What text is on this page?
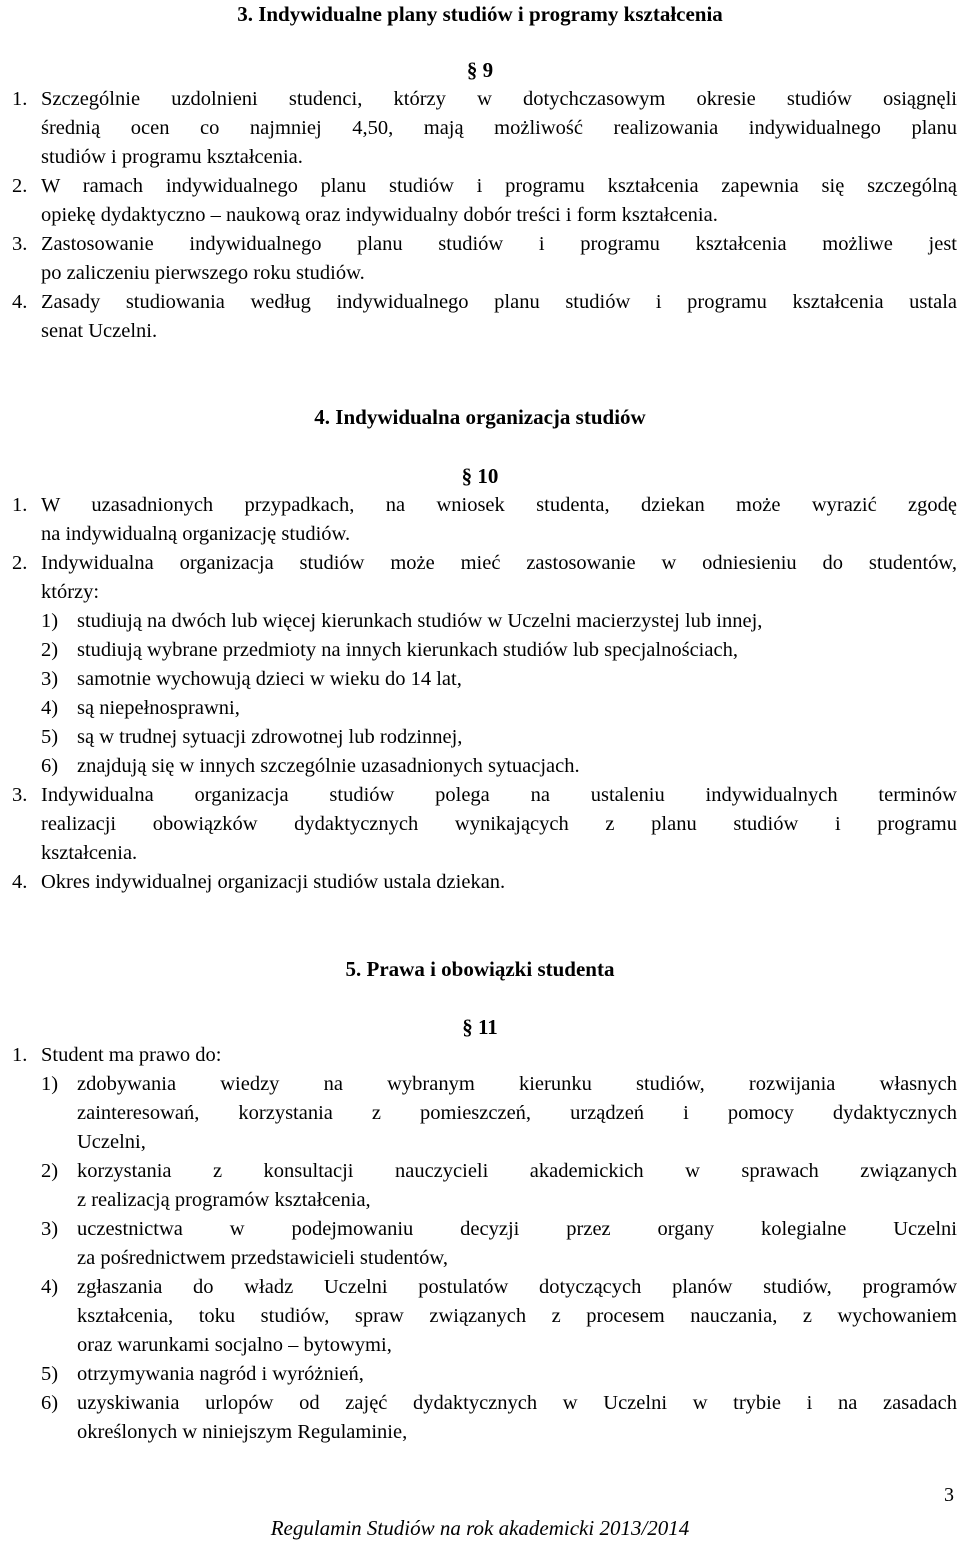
3. Indywidualne plany studiów i programy kształcenia
§ 9
1. Szczególnie uzdolnieni studenci, którzy w dotychczasowym okresie studiów osiągnęli
średnią ocen co najmniej 4,50, mają możliwość realizowania indywidualnego planu
studiów i programu kształcenia.
2. W ramach indywidualnego planu studiów i programu kształcenia zapewnia się szczególną
opiekę dydaktyczno – naukową oraz indywidualny dobór treści i form kształcenia.
3. Zastosowanie indywidualnego planu studiów i programu kształcenia możliwe jest
po zaliczeniu pierwszego roku studiów.
4. Zasady studiowania według indywidualnego planu studiów i programu kształcenia ustala
senat Uczelni.
4. Indywidualna organizacja studiów
§ 10
1. W uzasadnionych przypadkach, na wniosek studenta, dziekan może wyrazić zgodę
na indywidualną organizację studiów.
2. Indywidualna organizacja studiów może mieć zastosowanie w odniesieniu do studentów,
którzy:
1) studiują na dwóch lub więcej kierunkach studiów w Uczelni macierzystej lub innej,
2) studiują wybrane przedmioty na innych kierunkach studiów lub specjalnościach,
3) samotnie wychowują dzieci w wieku do 14 lat,
4) są niepełnosprawni,
5) są w trudnej sytuacji zdrowotnej lub rodzinnej,
6) znajdują się w innych szczególnie uzasadnionych sytuacjach.
3. Indywidualna organizacja studiów polega na ustaleniu indywidualnych terminów
realizacji obowiązków dydaktycznych wynikających z planu studiów i programu
kształcenia.
4. Okres indywidualnej organizacji studiów ustala dziekan.
5. Prawa i obowiązki studenta
§ 11
1. Student ma prawo do:
1) zdobywania wiedzy na wybranym kierunku studiów, rozwijania własnych
zainteresowań, korzystania z pomieszczeń, urządzeń i pomocy dydaktycznych
Uczelni,
2) korzystania z konsultacji nauczycieli akademickich w sprawach związanych
z realizacją programów kształcenia,
3) uczestnictwa w podejmowaniu decyzji przez organy kolegialne Uczelni
za pośrednictwem przedstawicieli studentów,
4) zgłaszania do władz Uczelni postulatów dotyczących planów studiów, programów
kształcenia, toku studiów, spraw związanych z procesem nauczania, z wychowaniem
oraz warunkami socjalno – bytowymi,
5) otrzymywania nagród i wyróżnień,
6) uzyskiwania urlopów od zajęć dydaktycznych w Uczelni w trybie i na zasadach
określonych w niniejszym Regulaminie,
3
Regulamin Studiów na rok akademicki 2013/2014
